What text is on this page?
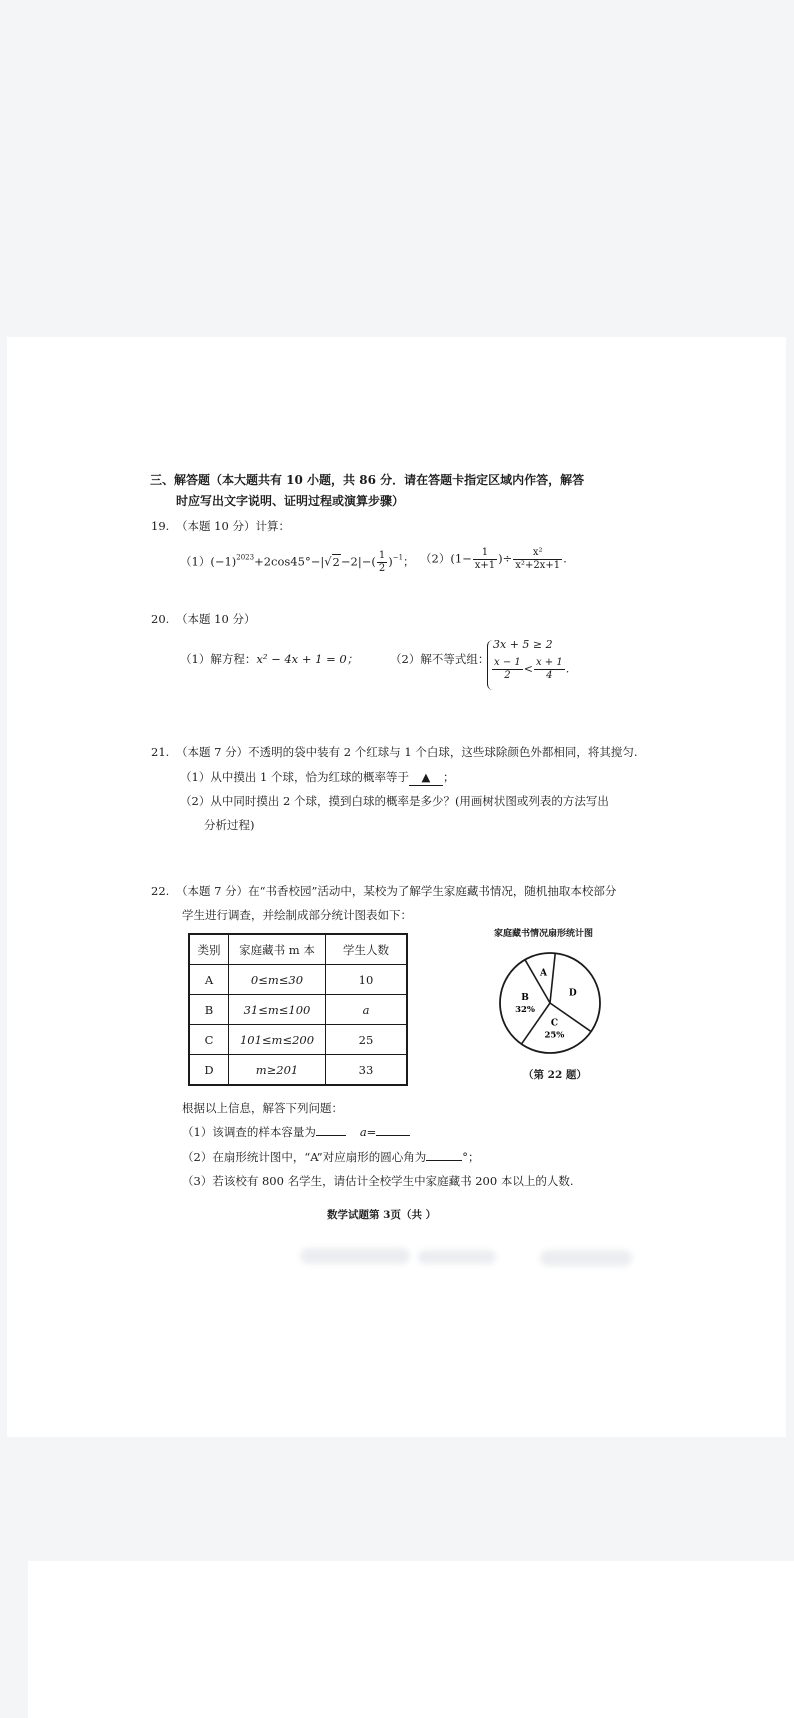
三、解答题（本大题共有 10 小题，共 86 分．请在答题卡指定区域内作答，解答
时应写出文字说明、证明过程或演算步骤）
19. （本题 10 分）计算：
$(1)(-1)^{2023}+2\cos 45^\circ-|√2-2|-( \frac{1}{2} )^{-1}$； $(2)(1- \frac{1}{x+1}$ )÷ $\frac{\text{x²}}{\text{x²+2x+1}}$ .
20. （本题 10 分）
（1）解方程：x² − 4x + 1 = 0；	（2）解不等式组：
3x + 5 ≥ 2
$\frac{x - 1}{2} < \frac{x + 1}{4}$ .
21. （本题 7 分）不透明的袋中装有 2 个红球与 1 个白球，这些球除颜色外都相同，将其搅匀.
（1）从中摸出 1 个球，恰为红球的概率等于 ▲ ；
（2）从中同时摸出 2 个球，摸到白球的概率是多少？(用画树状图或列表的方法写出
分析过程)
22. （本题 7 分）在“书香校园”活动中，某校为了解学生家庭藏书情况，随机抽取本校部分
学生进行调查，并绘制成部分统计图表如下：
类别	家庭藏书 m 本	学生人数
A	0≤m≤30	10
B	31≤m≤100	a
C	101≤m≤200	25
D	m≥201	33
家庭藏书情况扇形统计图
A
D
C
25%
B
32%
（第 22 题）
根据以上信息，解答下列问题：
（1）该调查的样本容量为	a=
（2）在扇形统计图中，“A”对应扇形的圆心角为	°；
（3）若该校有 800 名学生，请估计全校学生中家庭藏书 200 本以上的人数.
数学试题第 3页（共 ）
